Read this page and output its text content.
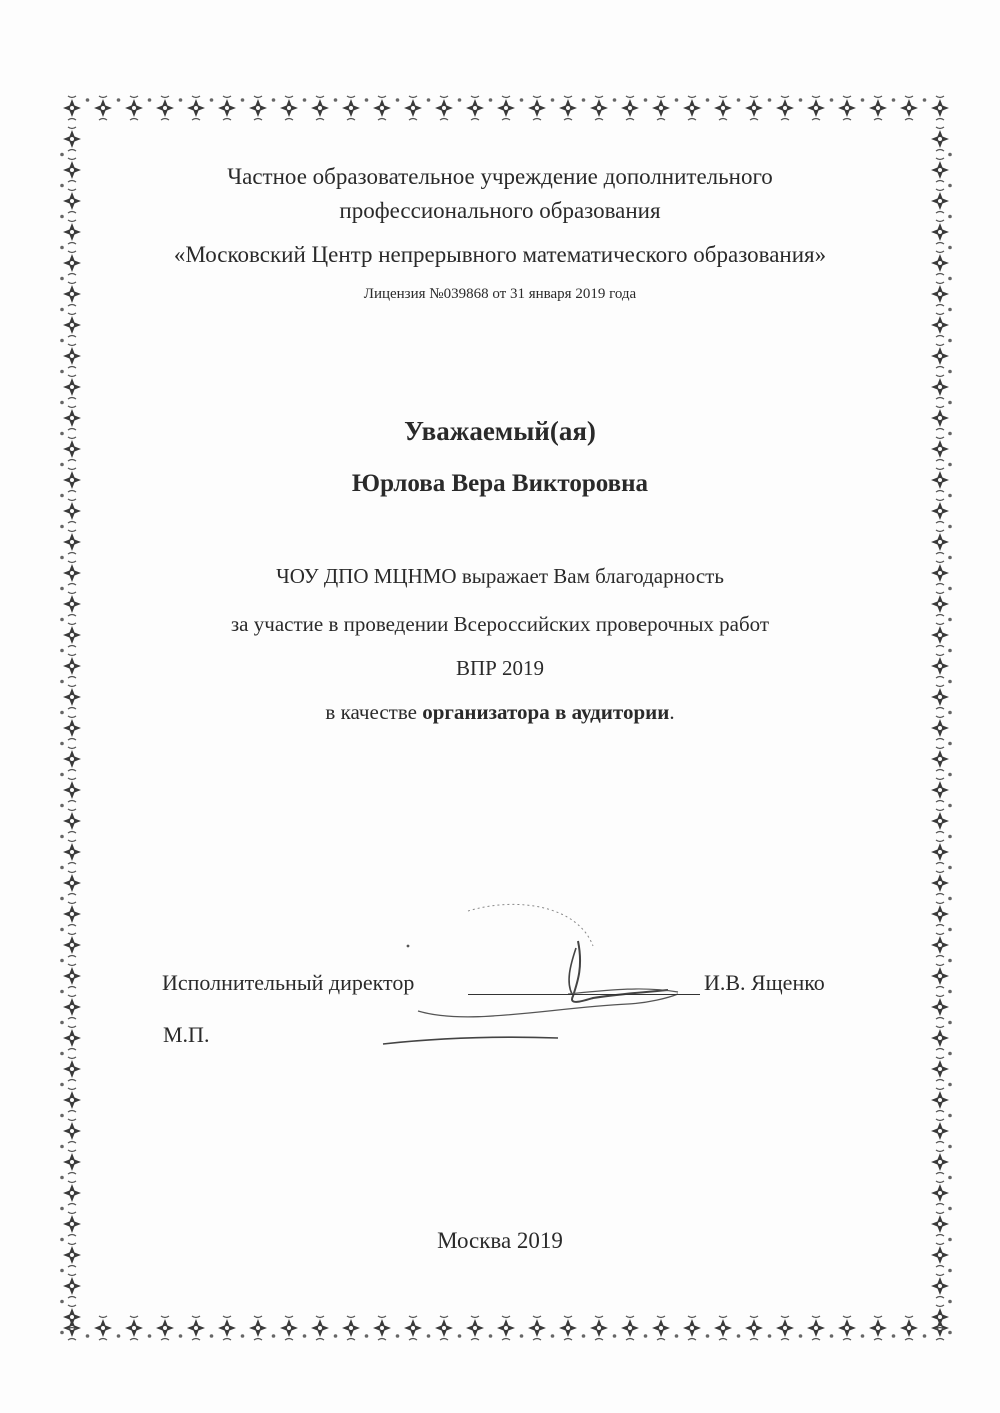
Частное образовательное учреждение дополнительного
профессионального образования
«Московский Центр непрерывного математического образования»
Лицензия №039868 от 31 января 2019 года
Уважаемый(ая)
Юрлова Вера Викторовна
ЧОУ ДПО МЦНМО выражает Вам благодарность
за участие в проведении Всероссийских проверочных работ
ВПР 2019
в качестве организатора в аудитории.
Исполнительный директор	И.В. Ященко
М.П.
Москва 2019
